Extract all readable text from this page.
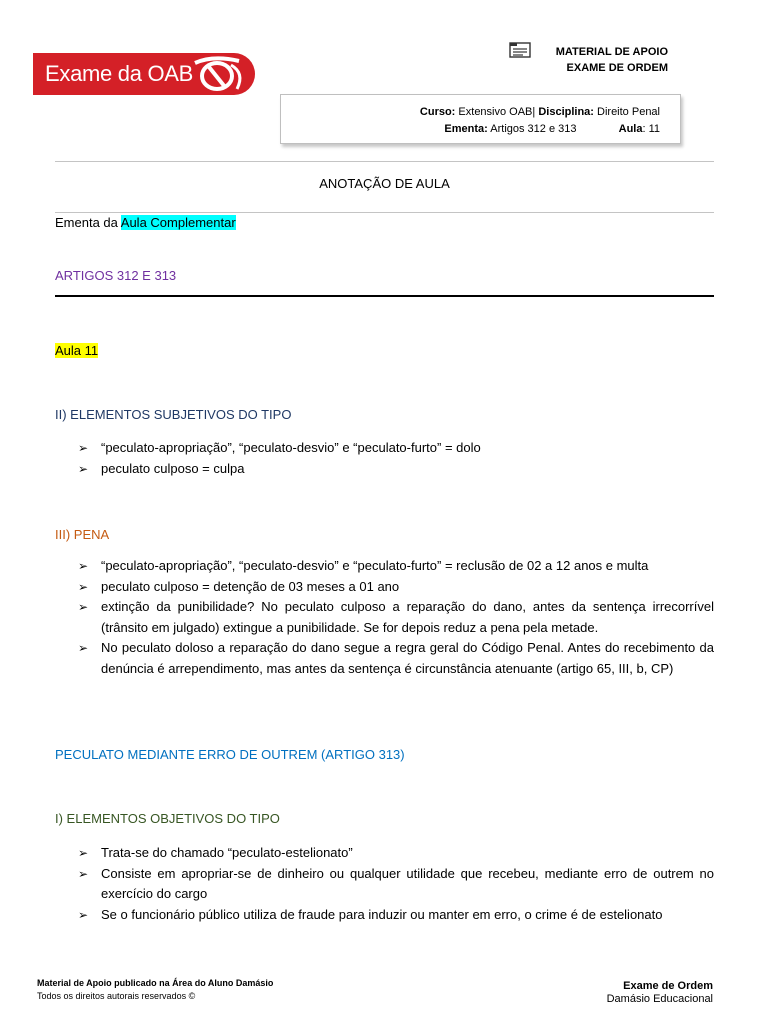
Exame da OAB
MATERIAL DE APOIO
EXAME DE ORDEM
Curso: Extensivo OAB| Disciplina: Direito Penal
Ementa: Artigos 312 e 313	Aula: 11
ANOTAÇÃO DE AULA
Ementa da Aula Complementar
ARTIGOS 312 E 313
Aula 11
II) ELEMENTOS SUBJETIVOS DO TIPO
➢ “peculato-apropriação”, “peculato-desvio” e “peculato-furto” = dolo
➢ peculato culposo = culpa
III) PENA
➢ “peculato-apropriação”, “peculato-desvio” e “peculato-furto” = reclusão de 02 a 12 anos e multa
➢ peculato culposo = detenção de 03 meses a 01 ano
➢ extinção da punibilidade? No peculato culposo a reparação do dano, antes da sentença irrecorrível (trânsito em julgado) extingue a punibilidade. Se for depois reduz a pena pela metade.
➢ No peculato doloso a reparação do dano segue a regra geral do Código Penal. Antes do recebimento da denúncia é arrependimento, mas antes da sentença é circunstância atenuante (artigo 65, III, b, CP)
PECULATO MEDIANTE ERRO DE OUTREM (ARTIGO 313)
I) ELEMENTOS OBJETIVOS DO TIPO
➢ Trata-se do chamado “peculato-estelionato”
➢ Consiste em apropriar-se de dinheiro ou qualquer utilidade que recebeu, mediante erro de outrem no exercício do cargo
➢ Se o funcionário público utiliza de fraude para induzir ou manter em erro, o crime é de estelionato
Material de Apoio publicado na Área do Aluno Damásio
Todos os direitos autorais reservados ©
Exame de Ordem
Damásio Educacional
